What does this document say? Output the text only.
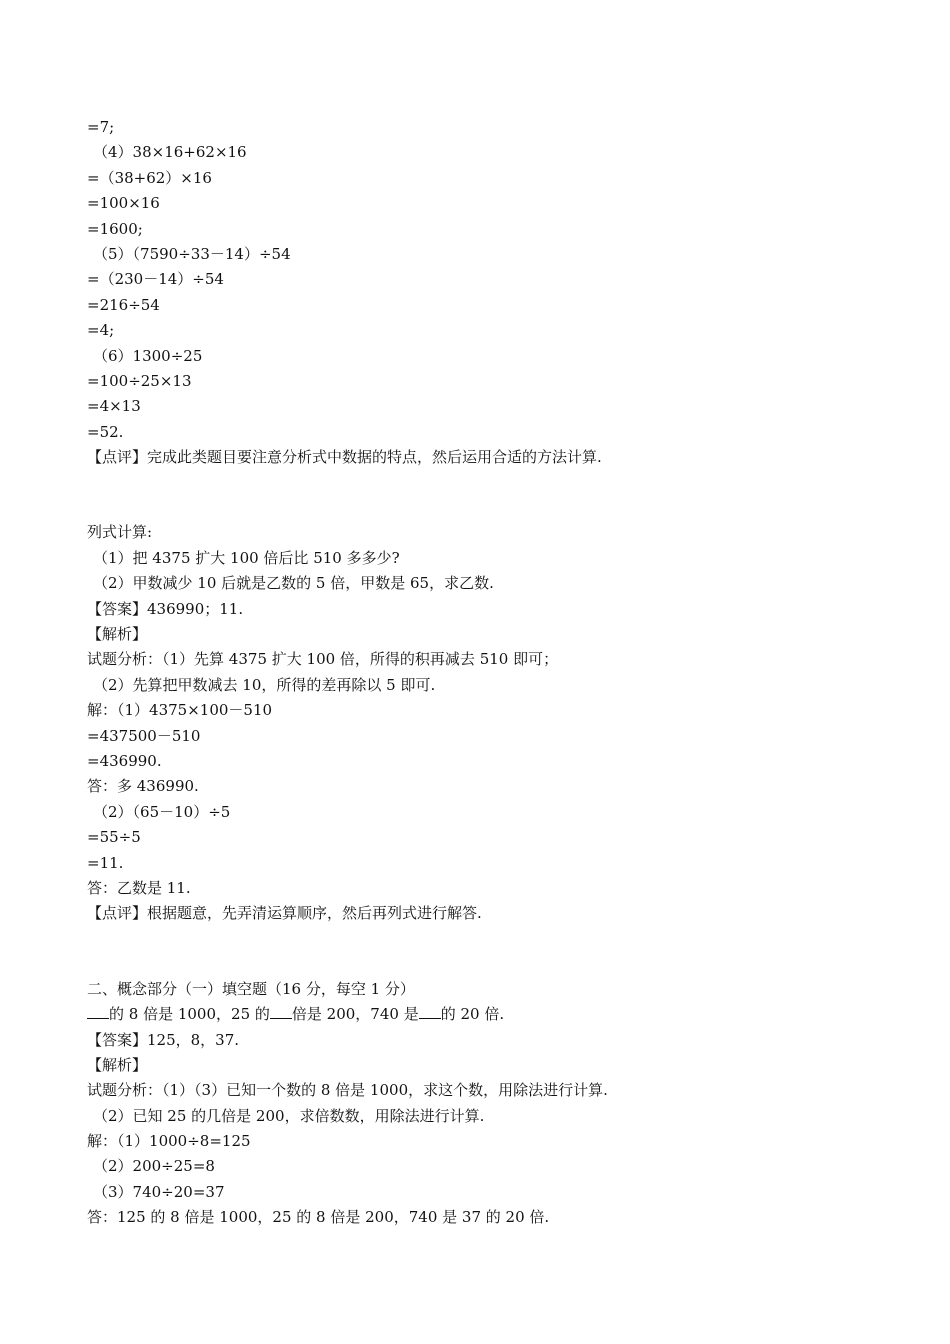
=7;
（4）38×16+62×16
=（38+62）×16
=100×16
=1600;
（5）（7590÷33－14）÷54
=（230－14）÷54
=216÷54
=4;
（6）1300÷25
=100÷25×13
=4×13
=52.
【点评】完成此类题目要注意分析式中数据的特点，然后运用合适的方法计算.
列式计算:
（1）把 4375 扩大 100 倍后比 510 多多少?
（2）甲数减少 10 后就是乙数的 5 倍，甲数是 65，求乙数.
【答案】436990；11.
【解析】
试题分析：（1）先算 4375 扩大 100 倍，所得的积再减去 510 即可；
（2）先算把甲数减去 10，所得的差再除以 5 即可.
解：（1）4375×100－510
=437500－510
=436990.
答：多 436990.
（2）（65－10）÷5
=55÷5
=11.
答：乙数是 11.
【点评】根据题意，先弄清运算顺序，然后再列式进行解答.
二、概念部分（一）填空题（16 分，每空 1 分）
的 8 倍是 1000，25 的 倍是 200，740 是 的 20 倍.
【答案】125，8，37.
【解析】
试题分析：（1）（3）已知一个数的 8 倍是 1000，求这个数，用除法进行计算.
（2）已知 25 的几倍是 200，求倍数数，用除法进行计算.
解：（1）1000÷8=125
（2）200÷25=8
（3）740÷20=37
答：125 的 8 倍是 1000，25 的 8 倍是 200，740 是 37 的 20 倍.
